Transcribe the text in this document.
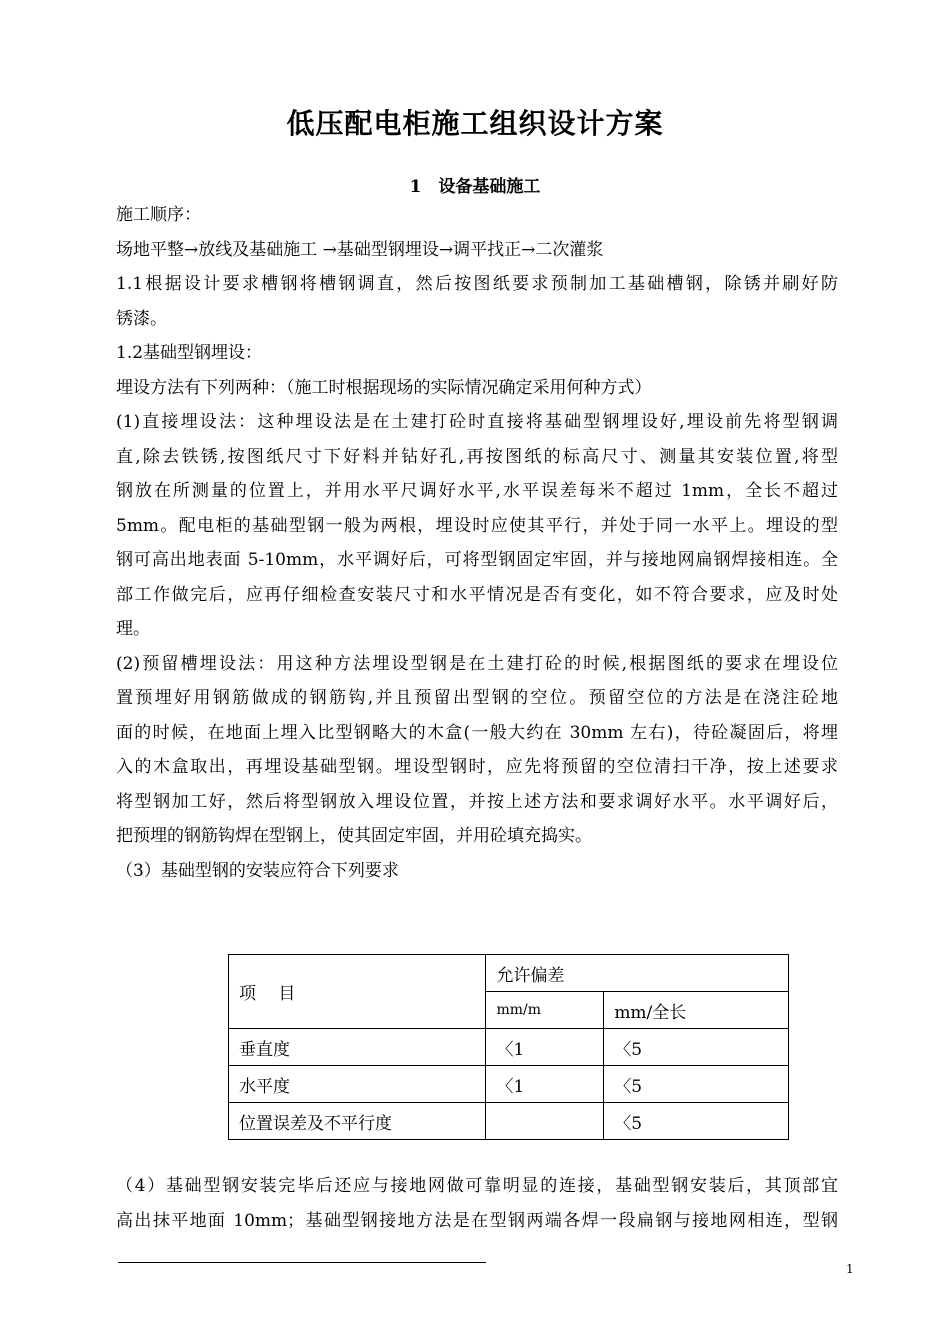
低压配电柜施工组织设计方案
1　设备基础施工
施工顺序：
场地平整→放线及基础施工 →基础型钢埋设→调平找正→二次灌浆
1.1根据设计要求槽钢将槽钢调直，然后按图纸要求预制加工基础槽钢，除锈并刷好防
锈漆。
1.2基础型钢埋设：
埋设方法有下列两种：（施工时根据现场的实际情况确定采用何种方式）
(1)直接埋设法：这种埋设法是在土建打砼时直接将基础型钢埋设好,埋设前先将型钢调
直,除去铁锈,按图纸尺寸下好料并钻好孔,再按图纸的标高尺寸、测量其安装位置,将型
钢放在所测量的位置上，并用水平尺调好水平,水平误差每米不超过 1mm，全长不超过
5mm。配电柜的基础型钢一般为两根，埋设时应使其平行，并处于同一水平上。埋设的型
钢可高出地表面 5-10mm，水平调好后，可将型钢固定牢固，并与接地网扁钢焊接相连。全
部工作做完后，应再仔细检查安装尺寸和水平情况是否有变化，如不符合要求，应及时处
理。
(2)预留槽埋设法：用这种方法埋设型钢是在土建打砼的时候,根据图纸的要求在埋设位
置预埋好用钢筋做成的钢筋钩,并且预留出型钢的空位。预留空位的方法是在浇注砼地
面的时候，在地面上埋入比型钢略大的木盒(一般大约在 30mm 左右)，待砼凝固后，将埋
入的木盒取出，再埋设基础型钢。埋设型钢时，应先将预留的空位清扫干净，按上述要求
将型钢加工好，然后将型钢放入埋设位置，并按上述方法和要求调好水平。水平调好后，
把预埋的钢筋钩焊在型钢上，使其固定牢固，并用砼填充捣实。
（3）基础型钢的安装应符合下列要求
项　 目	允许偏差	
	mm/m	mm/全长
垂直度	〈1	〈5
水平度	〈1	〈5
位置误差及不平行度		〈5
（4）基础型钢安装完毕后还应与接地网做可靠明显的连接，基础型钢安装后，其顶部宜
高出抹平地面 10mm；基础型钢接地方法是在型钢两端各焊一段扁钢与接地网相连，型钢
1
